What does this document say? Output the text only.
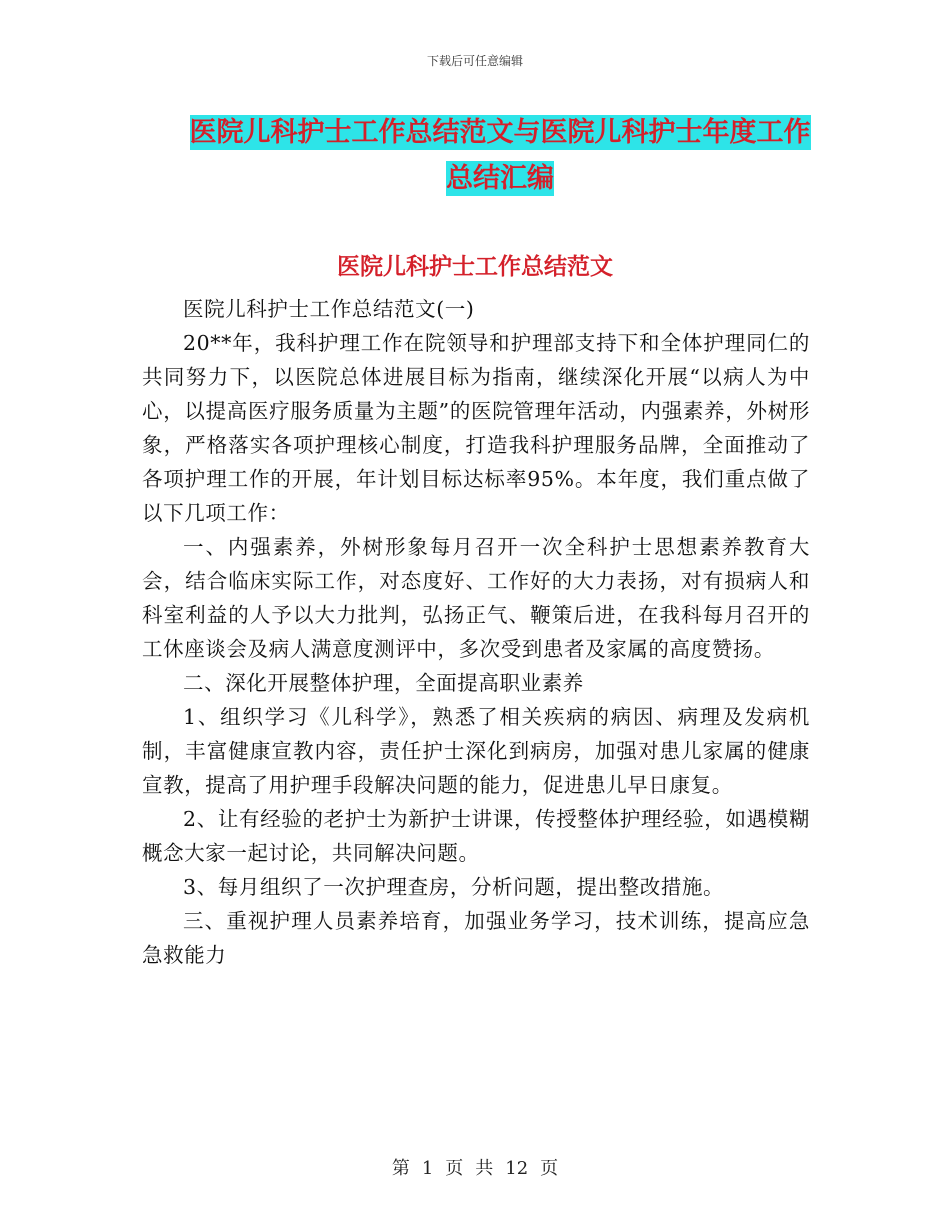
下载后可任意编辑
医院儿科护士工作总结范文与医院儿科护士年度工作
总结汇编
医院儿科护士工作总结范文

医院儿科护士工作总结范文(一)

20**年，我科护理工作在院领导和护理部支持下和全体护理同仁的共同努力下，以医院总体进展目标为指南，继续深化开展“以病人为中心，以提高医疗服务质量为主题”的医院管理年活动，内强素养，外树形象，严格落实各项护理核心制度，打造我科护理服务品牌，全面推动了各项护理工作的开展，年计划目标达标率95%。本年度，我们重点做了以下几项工作：

一、内强素养，外树形象每月召开一次全科护士思想素养教育大会，结合临床实际工作，对态度好、工作好的大力表扬，对有损病人和科室利益的人予以大力批判，弘扬正气、鞭策后进，在我科每月召开的工休座谈会及病人满意度测评中，多次受到患者及家属的高度赞扬。

二、深化开展整体护理，全面提高职业素养

1、组织学习《儿科学》，熟悉了相关疾病的病因、病理及发病机制，丰富健康宣教内容，责任护士深化到病房，加强对患儿家属的健康宣教，提高了用护理手段解决问题的能力，促进患儿早日康复。

2、让有经验的老护士为新护士讲课，传授整体护理经验，如遇模糊概念大家一起讨论，共同解决问题。

3、每月组织了一次护理查房，分析问题，提出整改措施。

三、重视护理人员素养培育，加强业务学习，技术训练，提高应急急救能力

第 1 页 共 12 页
